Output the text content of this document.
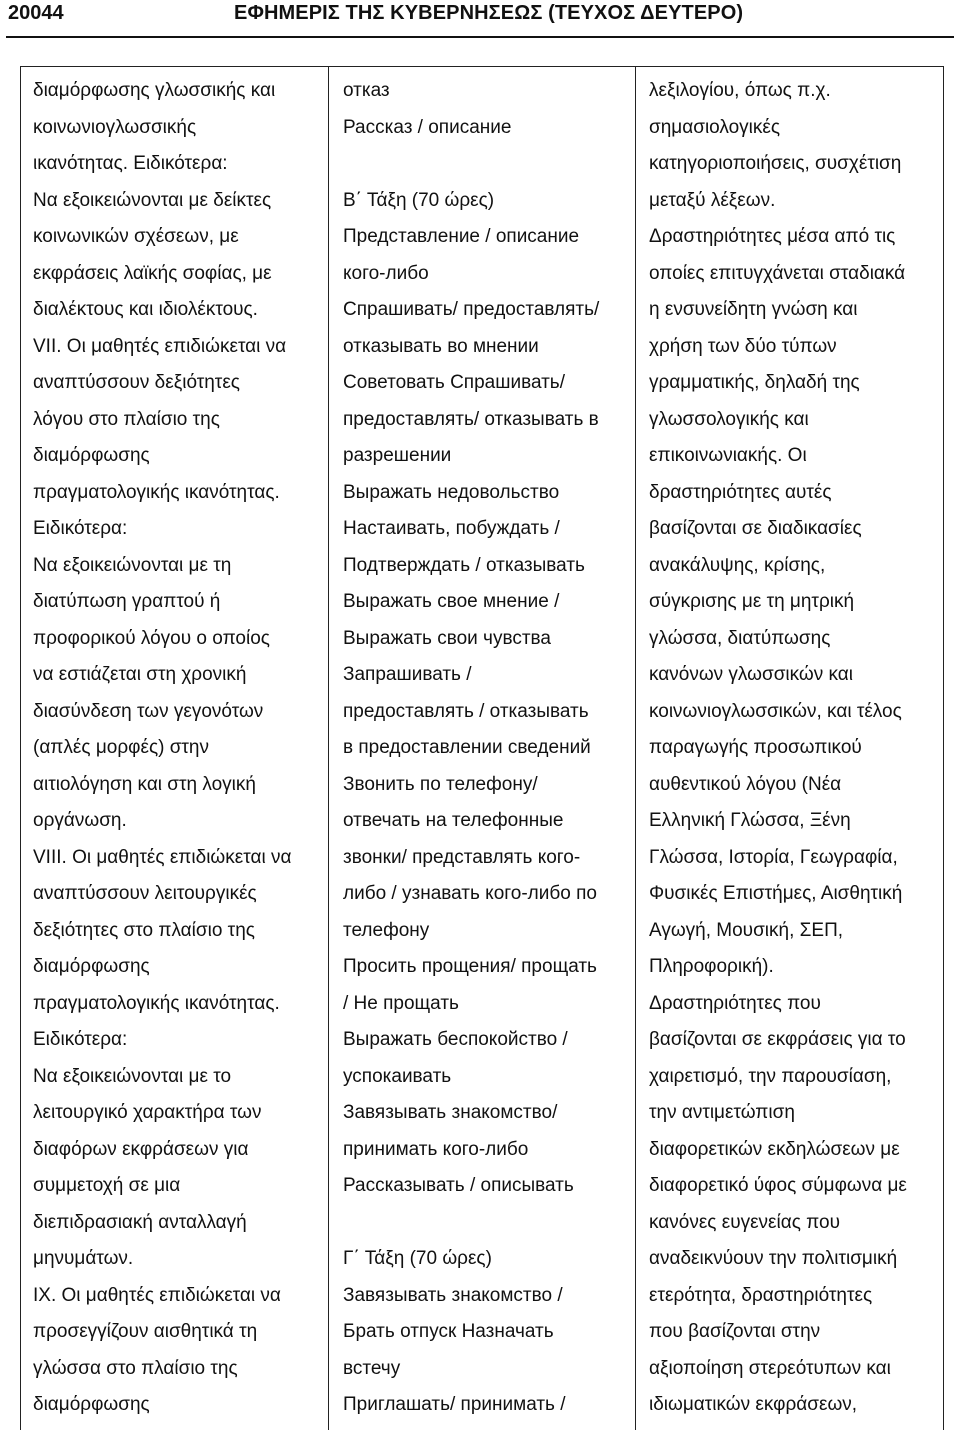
20044	ΕΦΗΜΕΡΙΣ ΤΗΣ ΚΥΒΕΡΝΗΣΕΩΣ (ΤΕΥΧΟΣ ΔΕΥΤΕΡΟ)
διαμόρφωσης γλωσσικής και
κοινωνιογλωσσικής
ικανότητας. Ειδικότερα:
Να εξοικειώνονται με δείκτες
κοινωνικών σχέσεων, με
εκφράσεις λαϊκής σοφίας, με
διαλέκτους και ιδιολέκτους.
VII. Οι μαθητές επιδιώκεται να
αναπτύσσουν δεξιότητες
λόγου στο πλαίσιο της
διαμόρφωσης
πραγματολογικής ικανότητας.
Ειδικότερα:
Να εξοικειώνονται με τη
διατύπωση γραπτού ή
προφορικού λόγου ο οποίος
να εστιάζεται στη χρονική
διασύνδεση των γεγονότων
(απλές μορφές) στην
αιτιολόγηση και στη λογική
οργάνωση.
VIII. Οι μαθητές επιδιώκεται να
αναπτύσσουν λειτουργικές
δεξιότητες στο πλαίσιο της
διαμόρφωσης
πραγματολογικής ικανότητας.
Ειδικότερα:
Να εξοικειώνονται με το
λειτουργικό χαρακτήρα των
διαφόρων εκφράσεων για
συμμετοχή σε μια
διεπιδρασιακή ανταλλαγή
μηνυμάτων.
IX. Οι μαθητές επιδιώκεται να
προσεγγίζουν αισθητικά τη
γλώσσα στο πλαίσιο της
διαμόρφωσης
отказ
Рассказ / описание
Β΄ Τάξη (70 ώρες)
Представление / описание
кого-либо
Спрашивать/ предоставлять/
отказывать во мнении
Советовать Спрашивать/
предоставлять/ отказывать в
разрешении
Выражать недовольство
Настаивать, побуждать /
Подтверждать / отказывать
Выражать свое мнение /
Выражать свои чувства
Запрашивать /
предоставлять / отказывать
в предоставлении сведений
Звонить по телефону/
отвечать на телефонные
звонки/ представлять кого-
либо / узнавать кого-либо по
телефону
Просить прощения/ прощать
/ Не прощать
Выражать беспокойство /
успокаивать
Завязывать знакомство/
принимать кого-либо
Рассказывать / описывать
Γ΄ Τάξη (70 ώρες)
Завязывать знакомство /
Брать отпуск Назначать
встечу
Приглашать/ принимать /
λεξιλογίου, όπως π.χ.
σημασιολογικές
κατηγοριοποιήσεις, συσχέτιση
μεταξύ λέξεων.
Δραστηριότητες μέσα από τις
οποίες επιτυγχάνεται σταδιακά
η ενσυνείδητη γνώση και
χρήση των δύο τύπων
γραμματικής, δηλαδή της
γλωσσολογικής και
επικοινωνιακής. Οι
δραστηριότητες αυτές
βασίζονται σε διαδικασίες
ανακάλυψης, κρίσης,
σύγκρισης με τη μητρική
γλώσσα, διατύπωσης
κανόνων γλωσσικών και
κοινωνιογλωσσικών, και τέλος
παραγωγής προσωπικού
αυθεντικού λόγου (Νέα
Ελληνική Γλώσσα, Ξένη
Γλώσσα, Ιστορία, Γεωγραφία,
Φυσικές Επιστήμες, Αισθητική
Αγωγή, Μουσική, ΣΕΠ,
Πληροφορική).
Δραστηριότητες που
βασίζονται σε εκφράσεις για το
χαιρετισμό, την παρουσίαση,
την αντιμετώπιση
διαφορετικών εκδηλώσεων με
διαφορετικό ύφος σύμφωνα με
κανόνες ευγενείας που
αναδεικνύουν την πολιτισμική
ετερότητα, δραστηριότητες
που βασίζονται στην
αξιοποίηση στερεότυπων και
ιδιωματικών εκφράσεων,
